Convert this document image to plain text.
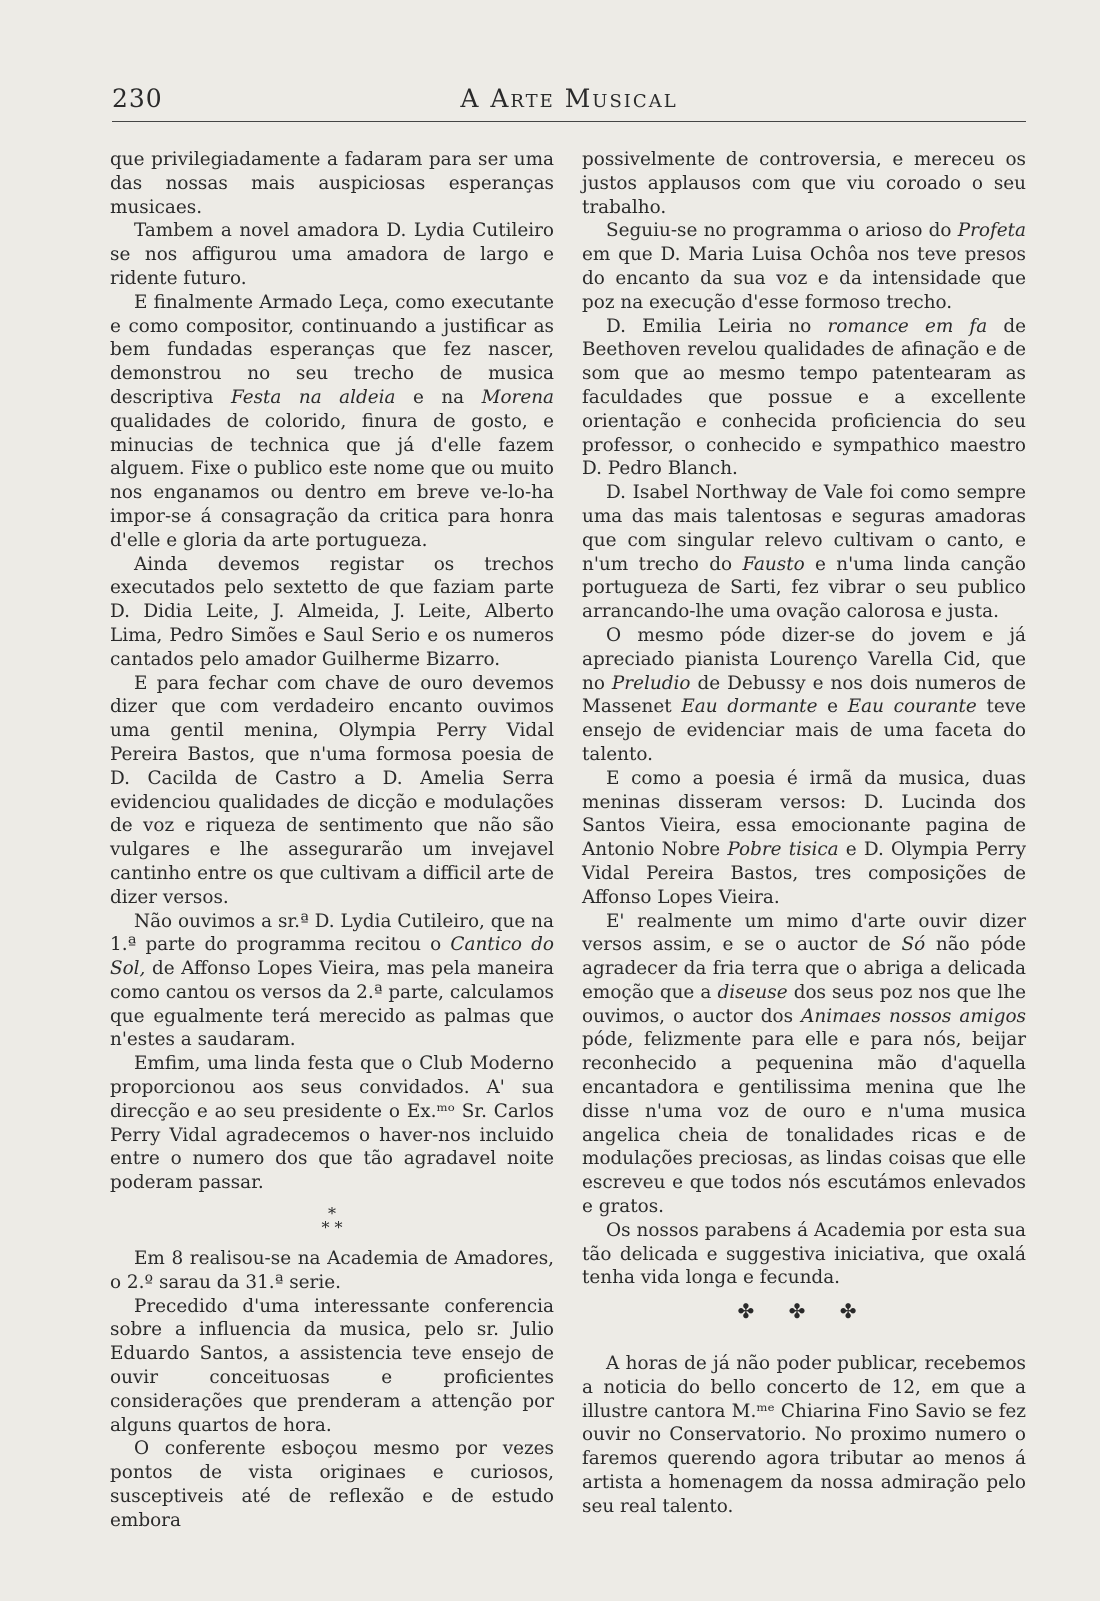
230	A Arte Musical

que privilegiadamente a fadaram para ser uma das nossas mais auspiciosas esperanças musicaes.

Tambem a novel amadora D. Lydia Cutileiro se nos affigurou uma amadora de largo e ridente futuro.

E finalmente Armado Leça, como executante e como compositor, continuando a justificar as bem fundadas esperanças que fez nascer, demonstrou no seu trecho de musica descriptiva Festa na aldeia e na Morena qualidades de colorido, finura de gosto, e minucias de technica que já d'elle fazem alguem. Fixe o publico este nome que ou muito nos enganamos ou dentro em breve ve-lo-ha impor-se á consagração da critica para honra d'elle e gloria da arte portugueza.

Ainda devemos registar os trechos executados pelo sextetto de que faziam parte D. Didia Leite, J. Almeida, J. Leite, Alberto Lima, Pedro Simões e Saul Serio e os numeros cantados pelo amador Guilherme Bizarro.

E para fechar com chave de ouro devemos dizer que com verdadeiro encanto ouvimos uma gentil menina, Olympia Perry Vidal Pereira Bastos, que n'uma formosa poesia de D. Cacilda de Castro a D. Amelia Serra evidenciou qualidades de dicção e modulações de voz e riqueza de sentimento que não são vulgares e lhe assegurarão um invejavel cantinho entre os que cultivam a difficil arte de dizer versos.

Não ouvimos a sr.ª D. Lydia Cutileiro, que na 1.ª parte do programma recitou o Cantico do Sol, de Affonso Lopes Vieira, mas pela maneira como cantou os versos da 2.ª parte, calculamos que egualmente terá merecido as palmas que n'estes a saudaram.

Emfim, uma linda festa que o Club Moderno proporcionou aos seus convidados. A' sua direcção e ao seu presidente o Ex.ᵐᵒ Sr. Carlos Perry Vidal agradecemos o haver-nos incluido entre o numero dos que tão agradavel noite poderam passar.

*
* *

Em 8 realisou-se na Academia de Amadores, o 2.º sarau da 31.ª serie.

Precedido d'uma interessante conferencia sobre a influencia da musica, pelo sr. Julio Eduardo Santos, a assistencia teve ensejo de ouvir conceituosas e proficientes considerações que prenderam a attenção por alguns quartos de hora.

O conferente esboçou mesmo por vezes pontos de vista originaes e curiosos, susceptiveis até de reflexão e de estudo embora

possivelmente de controversia, e mereceu os justos applausos com que viu coroado o seu trabalho.

Seguiu-se no programma o arioso do Profeta em que D. Maria Luisa Ochôa nos teve presos do encanto da sua voz e da intensidade que poz na execução d'esse formoso trecho.

D. Emilia Leiria no romance em fa de Beethoven revelou qualidades de afinação e de som que ao mesmo tempo patentearam as faculdades que possue e a excellente orientação e conhecida proficiencia do seu professor, o conhecido e sympathico maestro D. Pedro Blanch.

D. Isabel Northway de Vale foi como sempre uma das mais talentosas e seguras amadoras que com singular relevo cultivam o canto, e n'um trecho do Fausto e n'uma linda canção portugueza de Sarti, fez vibrar o seu publico arrancando-lhe uma ovação calorosa e justa.

O mesmo póde dizer-se do jovem e já apreciado pianista Lourenço Varella Cid, que no Preludio de Debussy e nos dois numeros de Massenet Eau dormante e Eau courante teve ensejo de evidenciar mais de uma faceta do talento.

E como a poesia é irmã da musica, duas meninas disseram versos: D. Lucinda dos Santos Vieira, essa emocionante pagina de Antonio Nobre Pobre tisica e D. Olympia Perry Vidal Pereira Bastos, tres composições de Affonso Lopes Vieira.

E' realmente um mimo d'arte ouvir dizer versos assim, e se o auctor de Só não póde agradecer da fria terra que o abriga a delicada emoção que a diseuse dos seus poz nos que lhe ouvimos, o auctor dos Animaes nossos amigos póde, felizmente para elle e para nós, beijar reconhecido a pequenina mão d'aquella encantadora e gentilissima menina que lhe disse n'uma voz de ouro e n'uma musica angelica cheia de tonalidades ricas e de modulações preciosas, as lindas coisas que elle escreveu e que todos nós escutámos enlevados e gratos.

Os nossos parabens á Academia por esta sua tão delicada e suggestiva iniciativa, que oxalá tenha vida longa e fecunda.

✤ ✤ ✤

A horas de já não poder publicar, recebemos a noticia do bello concerto de 12, em que a illustre cantora M.ᵐᵉ Chiarina Fino Savio se fez ouvir no Conservatorio. No proximo numero o faremos querendo agora tributar ao menos á artista a homenagem da nossa admiração pelo seu real talento.
